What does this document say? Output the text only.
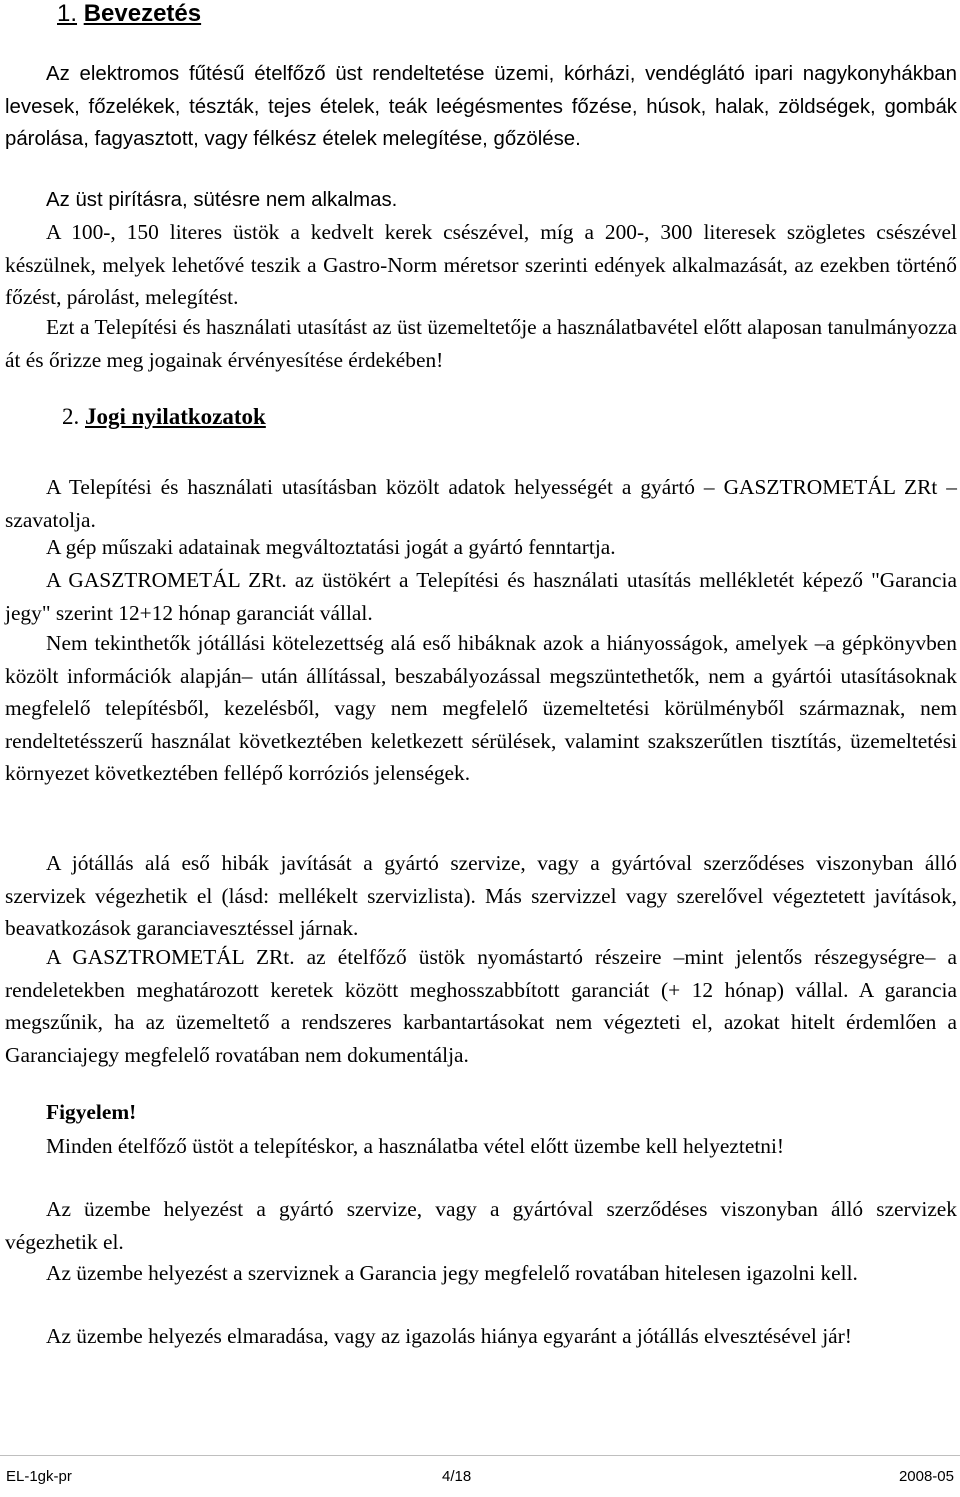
1. Bevezetés

Az elektromos fűtésű ételfőző üst rendeltetése üzemi, kórházi, vendéglátó ipari nagykonyhákban levesek, főzelékek, tészták, tejes ételek, teák leégésmentes főzése, húsok, halak, zöldségek, gombák párolása, fagyasztott, vagy félkész ételek melegítése, gőzölése.

Az üst pirításra, sütésre nem alkalmas.

A 100-, 150 literes üstök a kedvelt kerek csészével, míg a 200-, 300 literesek szögletes csészével készülnek, melyek lehetővé teszik a Gastro-Norm méretsor szerinti edények alkalmazását, az ezekben történő főzést, párolást, melegítést.

Ezt a Telepítési és használati utasítást az üst üzemeltetője a használatbavétel előtt alaposan tanulmányozza át és őrizze meg jogainak érvényesítése érdekében!

2. Jogi nyilatkozatok

A Telepítési és használati utasításban közölt adatok helyességét a gyártó – GASZTROMETÁL ZRt – szavatolja.

A gép műszaki adatainak megváltoztatási jogát a gyártó fenntartja.

A GASZTROMETÁL ZRt. az üstökért a Telepítési és használati utasítás mellékletét képező "Garancia jegy" szerint 12+12 hónap garanciát vállal.

Nem tekinthetők jótállási kötelezettség alá eső hibáknak azok a hiányosságok, amelyek –a gépkönyvben közölt információk alapján– után állítással, beszabályozással megszüntethetők, nem a gyártói utasításoknak megfelelő telepítésből, kezelésből, vagy nem megfelelő üzemeltetési körülményből származnak, nem rendeltetésszerű használat következtében keletkezett sérülések, valamint szakszerűtlen tisztítás, üzemeltetési környezet következtében fellépő korróziós jelenségek.

A jótállás alá eső hibák javítását a gyártó szervize, vagy a gyártóval szerződéses viszonyban álló szervizek végezhetik el (lásd: mellékelt szervizlista). Más szervizzel vagy szerelővel végeztetett javítások, beavatkozások garanciavesztéssel járnak.

A GASZTROMETÁL ZRt. az ételfőző üstök nyomástartó részeire –mint jelentős részegységre– a rendeletekben meghatározott keretek között meghosszabbított garanciát (+ 12 hónap) vállal. A garancia megszűnik, ha az üzemeltető a rendszeres karbantartásokat nem végezteti el, azokat hitelt érdemlően a Garanciajegy megfelelő rovatában nem dokumentálja.

Figyelem!

Minden ételfőző üstöt a telepítéskor, a használatba vétel előtt üzembe kell helyeztetni!

Az üzembe helyezést a gyártó szervize, vagy a gyártóval szerződéses viszonyban álló szervizek végezhetik el.

Az üzembe helyezést a szerviznek a Garancia jegy megfelelő rovatában hitelesen igazolni kell.

Az üzembe helyezés elmaradása, vagy az igazolás hiánya egyaránt a jótállás elvesztésével jár!

EL-1gk-pr	4/18	2008-05
